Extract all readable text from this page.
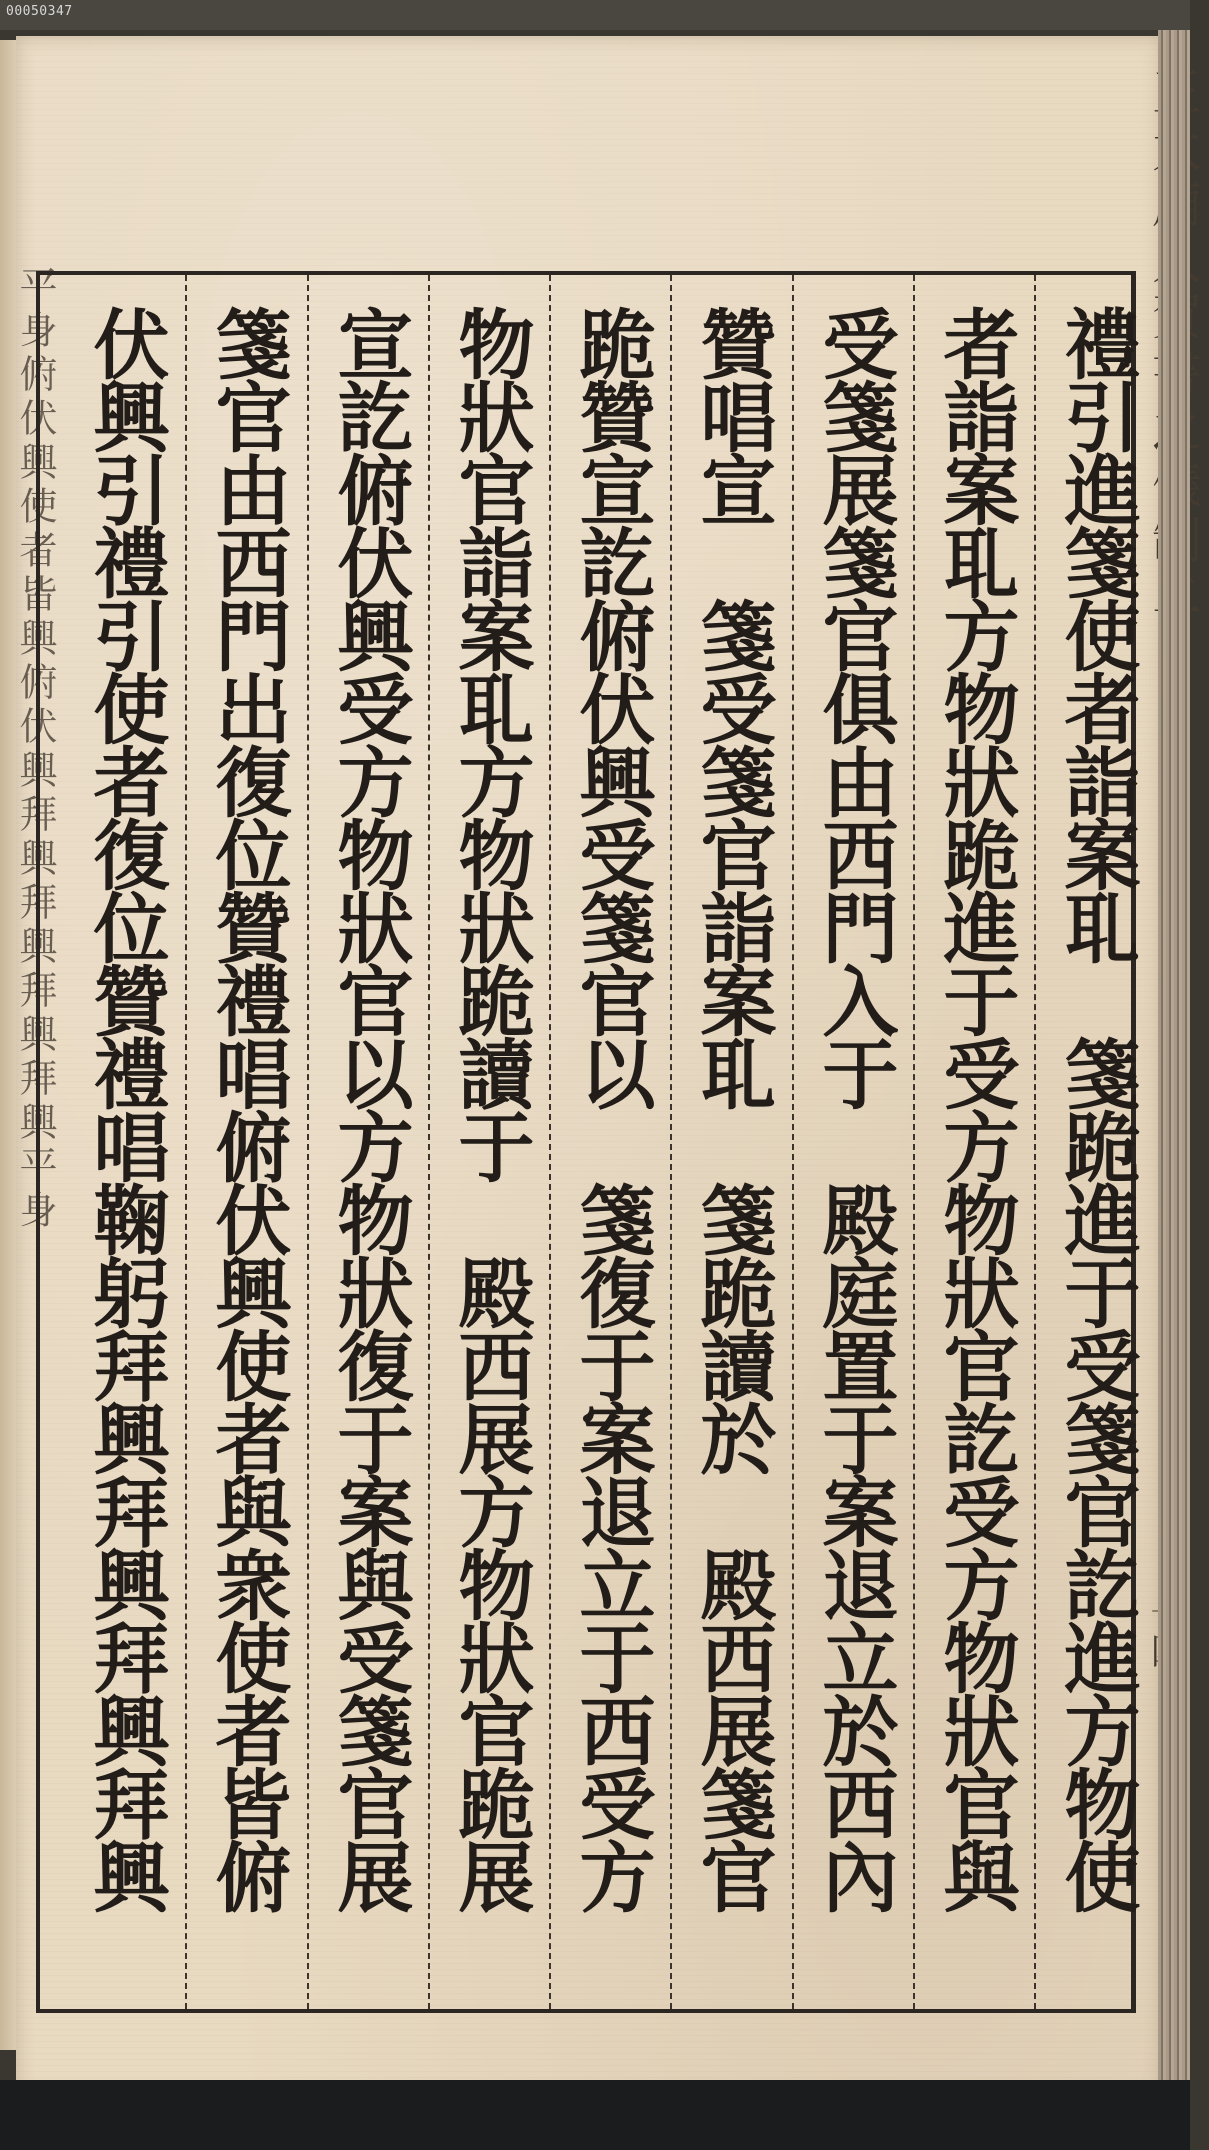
00050347
平身俯伏興使者皆興俯伏興拜興拜興拜興拜興平身	禮引進箋使者詣案耴　箋跪進于受箋官訖進方物使
者詣案耴方物狀跪進于受方物狀官訖受方物狀官與
受箋展箋官俱由西門入于　殿庭置于案退立於西內
贊唱宣　箋受箋官詣案耴　箋跪讀於　殿西展箋官
跪贊宣訖俯伏興受箋官以　箋復于案退立于西受方
物狀官詣案耴方物狀跪讀于　殿西展方物狀官跪展
宣訖俯伏興受方物狀官以方物狀復于案與受箋官展
箋官由西門出復位贊禮唱俯伏興使者與衆使者皆俯
伏興引禮引使者復位贊禮唱鞠躬拜興拜興拜興拜興
